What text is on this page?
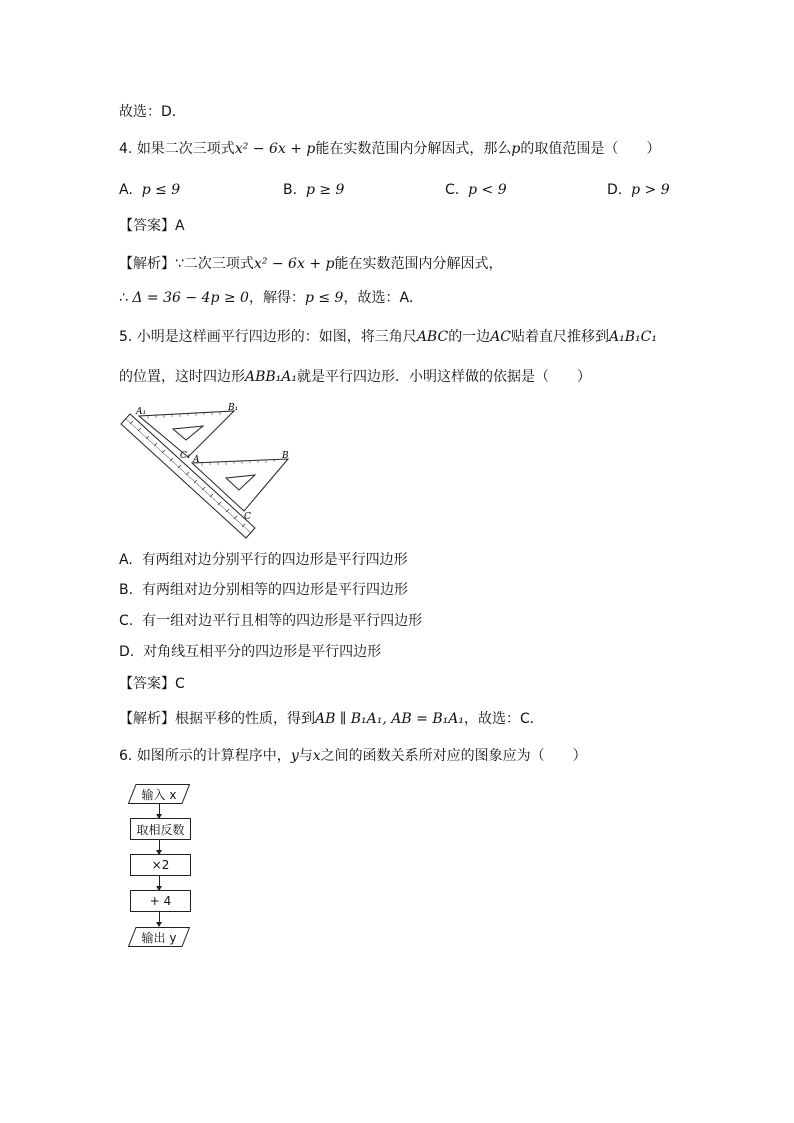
故选：D．
4. 如果二次三项式x² − 6x + p能在实数范围内分解因式，那么p的取值范围是（　　）
A. p ≤ 9	B. p ≥ 9	C. p < 9	D. p > 9
【答案】A
【解析】∵二次三项式x² − 6x + p能在实数范围内分解因式，
∴ Δ = 36 − 4p ≥ 0，解得：p ≤ 9，故选：A．
5. 小明是这样画平行四边形的：如图，将三角尺ABC的一边AC贴着直尺推移到A₁B₁C₁
的位置，这时四边形ABB₁A₁就是平行四边形．小明这样做的依据是（　　）
A₁	B₁
C₁ A	B
C
A. 有两组对边分别平行的四边形是平行四边形
B. 有两组对边分别相等的四边形是平行四边形
C. 有一组对边平行且相等的四边形是平行四边形
D. 对角线互相平分的四边形是平行四边形
【答案】C
【解析】根据平移的性质，得到AB ∥ B₁A₁, AB = B₁A₁，故选：C．
6. 如图所示的计算程序中，y与x之间的函数关系所对应的图象应为（　　）
输入 x
取相反数
×2
+ 4
输出 y
